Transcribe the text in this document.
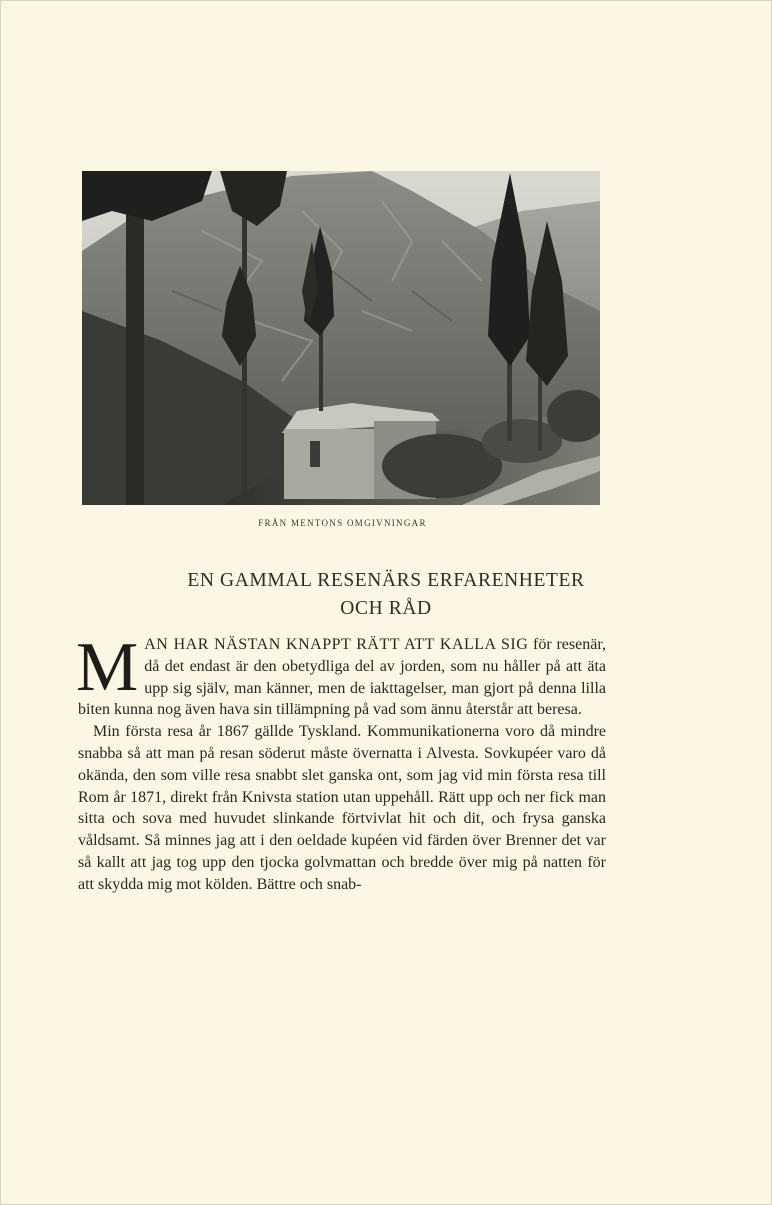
FRÅN MENTONS OMGIVNINGAR
EN GAMMAL RESENÄRS ERFARENHETER
OCH RÅD

MAN HAR NÄSTAN KNAPPT RÄTT ATT KALLA SIG för resenär, då det endast är den obetydliga del av jorden, som nu håller på att äta upp sig själv, man känner, men de iakttagelser, man gjort på denna lilla biten kunna nog även hava sin tillämpning på vad som ännu återstår att beresa.

Min första resa år 1867 gällde Tyskland. Kommunikationerna voro då mindre snabba så att man på resan söderut måste övernatta i Alvesta. Sovkupéer varo då okända, den som ville resa snabbt slet ganska ont, som jag vid min första resa till Rom år 1871, direkt från Knivsta station utan uppehåll. Rätt upp och ner fick man sitta och sova med huvudet slinkande förtvivlat hit och dit, och frysa ganska våldsamt. Så minnes jag att i den oeldade kupéen vid färden över Brenner det var så kallt att jag tog upp den tjocka golvmattan och bredde över mig på natten för att skydda mig mot kölden. Bättre och snab-
